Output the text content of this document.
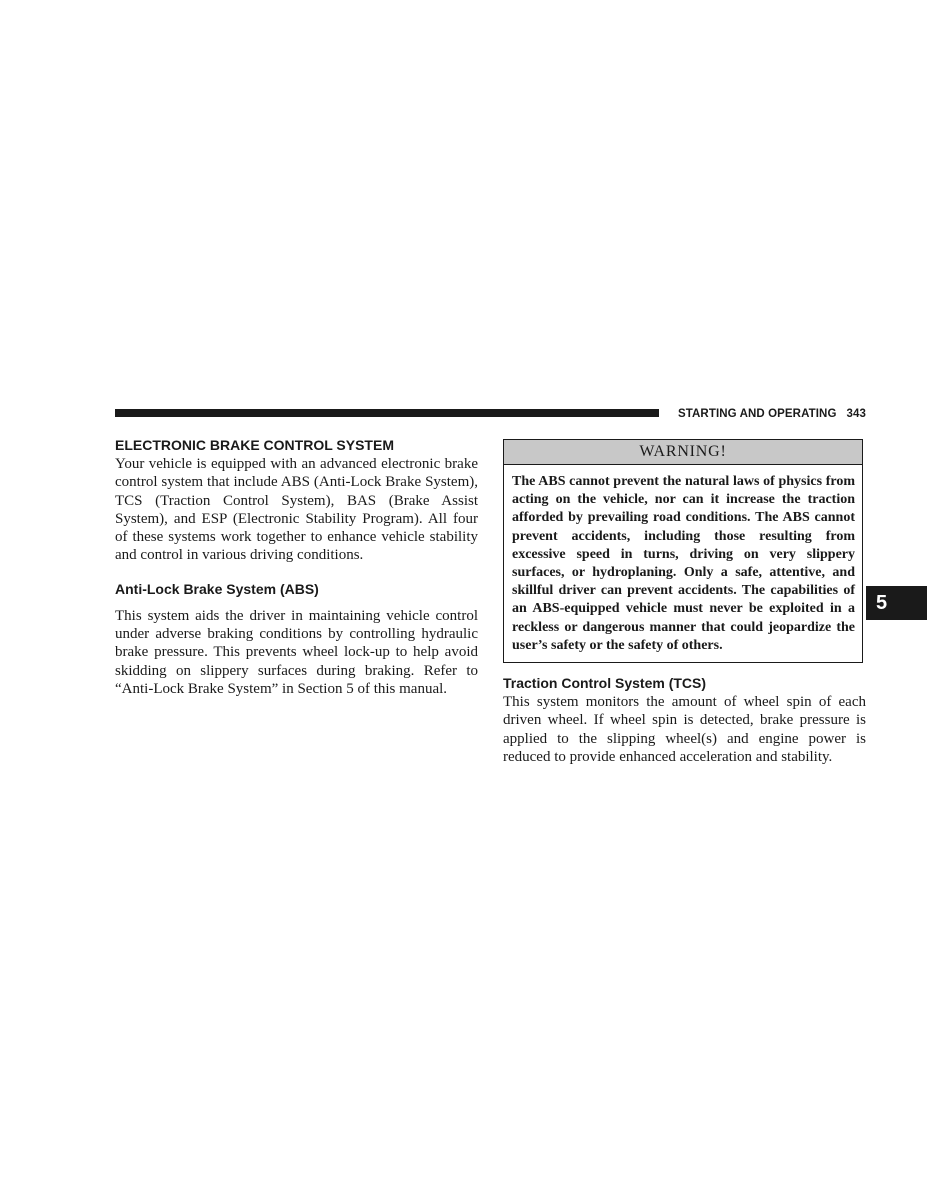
STARTING AND OPERATING 343
ELECTRONIC BRAKE CONTROL SYSTEM

Your vehicle is equipped with an advanced electronic brake control system that include ABS (Anti-Lock Brake System), TCS (Traction Control System), BAS (Brake Assist System), and ESP (Electronic Stability Program). All four of these systems work together to enhance vehicle stability and control in various driving conditions.

Anti-Lock Brake System (ABS)

This system aids the driver in maintaining vehicle control under adverse braking conditions by controlling hydraulic brake pressure. This prevents wheel lock-up to help avoid skidding on slippery surfaces during braking. Refer to “Anti-Lock Brake System” in Section 5 of this manual.

WARNING!
The ABS cannot prevent the natural laws of physics from acting on the vehicle, nor can it increase the traction afforded by prevailing road conditions. The ABS cannot prevent accidents, including those resulting from excessive speed in turns, driving on very slippery surfaces, or hydroplaning. Only a safe, attentive, and skillful driver can prevent accidents. The capabilities of an ABS-equipped vehicle must never be exploited in a reckless or dangerous manner that could jeopardize the user’s safety or the safety of others.
Traction Control System (TCS)

This system monitors the amount of wheel spin of each driven wheel. If wheel spin is detected, brake pressure is applied to the slipping wheel(s) and engine power is reduced to provide enhanced acceleration and stability.

5
